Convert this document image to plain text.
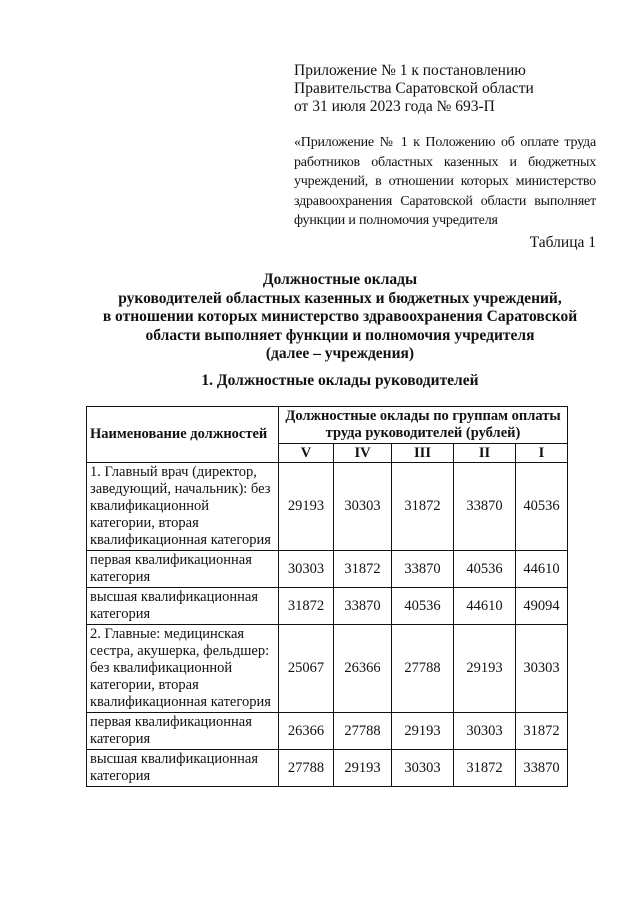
Приложение № 1 к постановлению
Правительства Саратовской области
от 31 июля 2023 года № 693-П

«Приложение № 1 к Положению об оплате труда работников областных казенных и бюджетных учреждений, в отношении которых министерство здравоохранения Саратовской области выполняет функции и полномочия учредителя

Таблица 1
Должностные оклады
руководителей областных казенных и бюджетных учреждений,
в отношении которых министерство здравоохранения Саратовской
области выполняет функции и полномочия учредителя
(далее – учреждения)
1. Должностные оклады руководителей
Наименование должностей	Должностные оклады по группам оплаты труда руководителей (рублей)				
	V	IV	III	II	I
1. Главный врач (директор, заведующий, начальник): без квалификационной категории, вторая квалификационная категория	29193	30303	31872	33870	40536
первая квалификационная категория	30303	31872	33870	40536	44610
высшая квалификационная категория	31872	33870	40536	44610	49094
2. Главные: медицинская сестра, акушерка, фельдшер: без квалификационной категории, вторая квалификационная категория	25067	26366	27788	29193	30303
первая квалификационная категория	26366	27788	29193	30303	31872
высшая квалификационная категория	27788	29193	30303	31872	33870
